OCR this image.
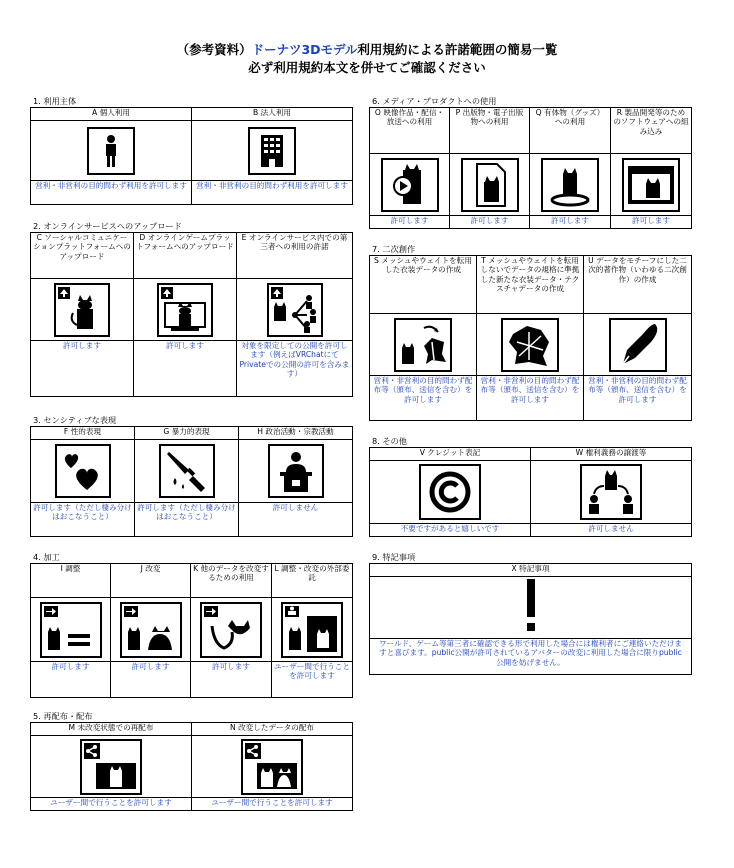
（参考資料）ドーナツ3Dモデル利用規約による許諾範囲の簡易一覧
必ず利用規約本文を併せてご確認ください
1. 利用主体
A 個人利用	B 法人利用

営利・非営利の目的問わず利用を許可します	営利・非営利の目的問わず利用を許可します
2. オンラインサービスへのアップロード
C ソーシャルコミュニケーションプラットフォームへのアップロード	D オンラインゲームプラットフォームへのアップロード	E オンラインサービス内での第三者への利用の許諾

許可します	許可します	対象を限定しての公開を許可します（例えばVRChatにてPrivateでの公開の許可を含みます）
3. センシティブな表現
F 性的表現	G 暴力的表現	H 政治活動・宗教活動

許可します（ただし棲み分けはおこなうこと）	許可します（ただし棲み分けはおこなうこと）	許可しません
4. 加工
I 調整	J 改変	K 他のデータを改変するための利用	L 調整・改変の外部委託

許可します	許可します	許可します	ユーザー間で行うことを許可します
5. 再配布・配布
M 未改変状態での再配布	N 改変したデータの配布

ユーザー間で行うことを許可します	ユーザー間で行うことを許可します
6. メディア・プロダクトへの使用
O 映像作品・配信・放送への利用	P 出版物・電子出版物への利用	Q 有体物（グッズ）への利用	R 製品開発等のためのソフトウェアへの組み込み

許可します	許可します	許可します	許可します
7. 二次創作
S メッシュやウェイトを転用した衣装データの作成	T メッシュやウェイトを転用しないでデータの規格に準拠した新たな衣装データ・テクスチャデータの作成	U データをモチーフにした二次的著作物（いわゆる二次創作）の作成

営利・非営利の目的問わず配布等（頒布、送信を含む）を許可します	営利・非営利の目的問わず配布等（頒布、送信を含む）を許可します	営利・非営利の目的問わず配布等（頒布、送信を含む）を許可します
8. その他
V クレジット表記	W 権利義務の譲渡等

不要ですがあると嬉しいです	許可しません
9. 特記事項
X 特記事項

ワールド、ゲーム等第三者に確認できる形で利用した場合には権利者にご連絡いただけますと喜びます。public公開が許可されているアバターの改変に利用した場合に限りpublic公開を妨げません。
